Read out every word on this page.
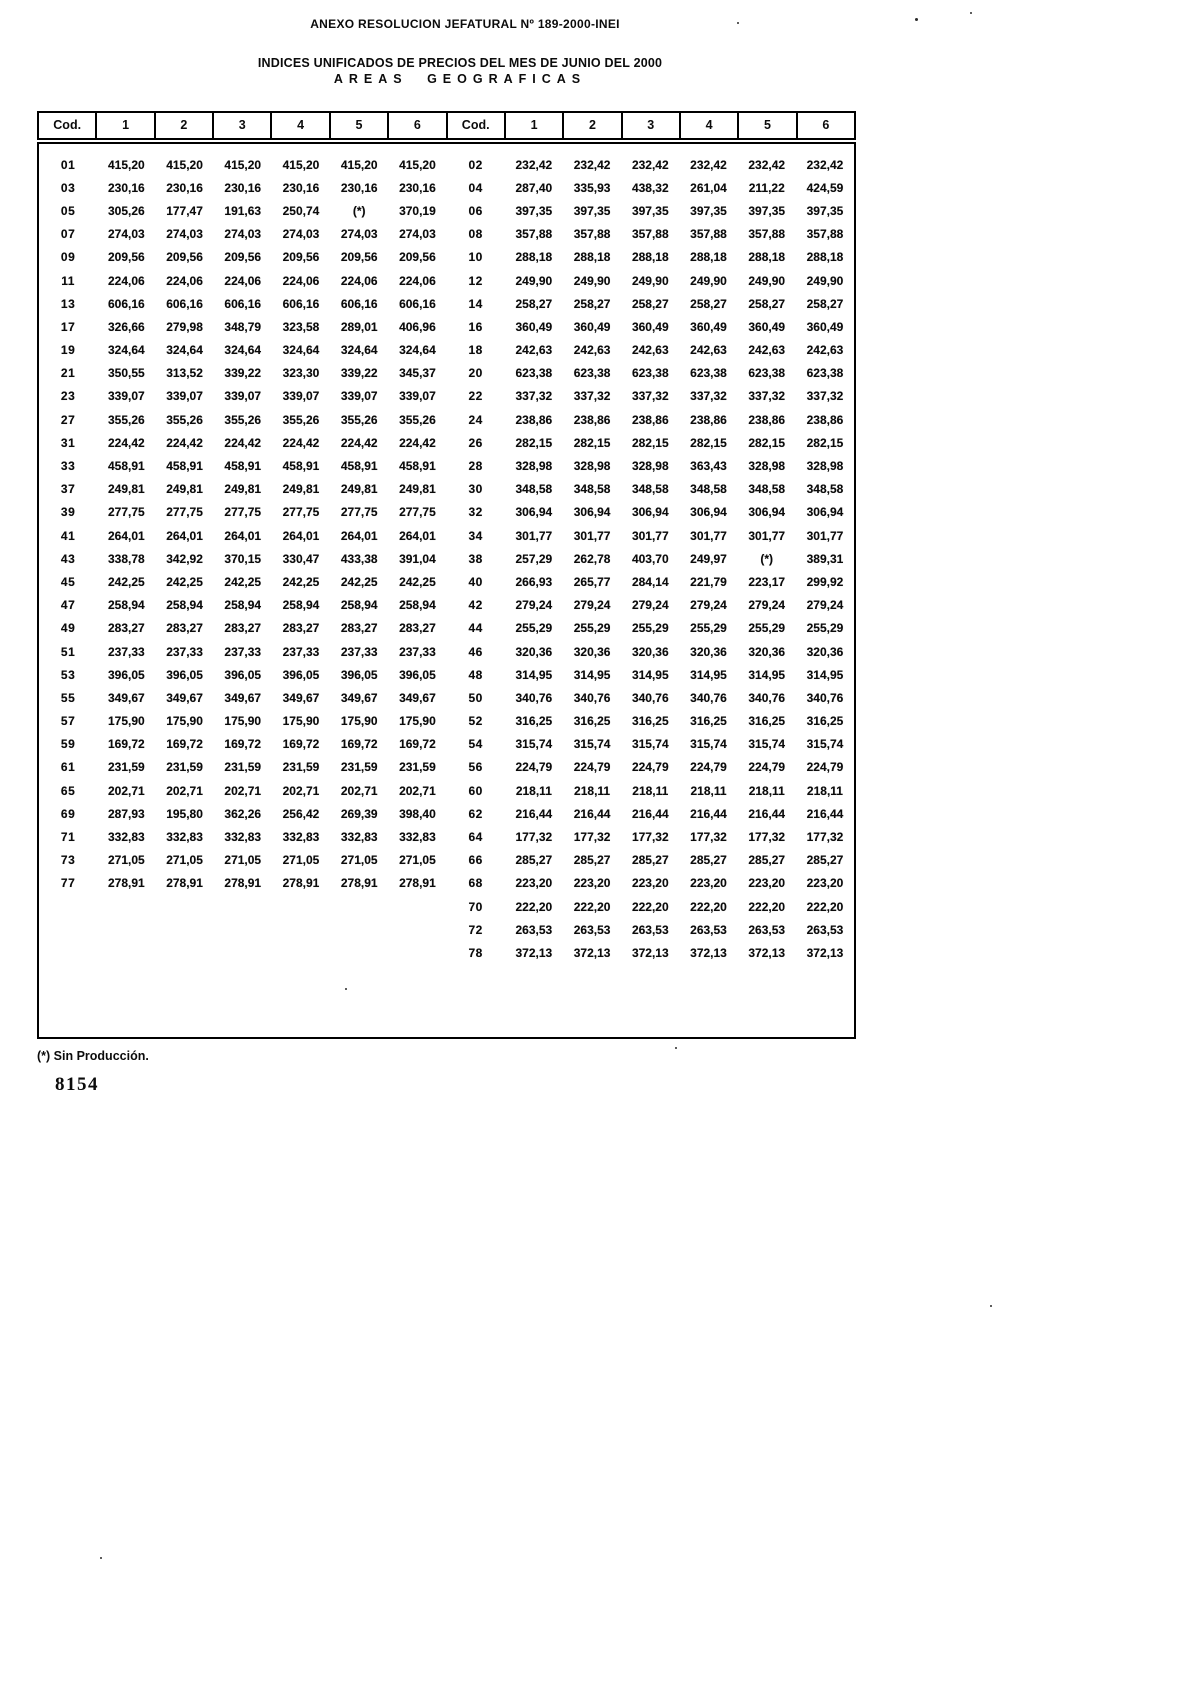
ANEXO RESOLUCION JEFATURAL Nº 189-2000-INEI
INDICES UNIFICADOS DE PRECIOS DEL MES DE JUNIO DEL 2000
AREAS GEOGRAFICAS
Cod.	1	2	3	4	5	6	Cod.	1	2	3	4	5	6
01	415,20	415,20	415,20	415,20	415,20	415,20	02	232,42	232,42	232,42	232,42	232,42	232,42
03	230,16	230,16	230,16	230,16	230,16	230,16	04	287,40	335,93	438,32	261,04	211,22	424,59
05	305,26	177,47	191,63	250,74	(*)	370,19	06	397,35	397,35	397,35	397,35	397,35	397,35
07	274,03	274,03	274,03	274,03	274,03	274,03	08	357,88	357,88	357,88	357,88	357,88	357,88
09	209,56	209,56	209,56	209,56	209,56	209,56	10	288,18	288,18	288,18	288,18	288,18	288,18
11	224,06	224,06	224,06	224,06	224,06	224,06	12	249,90	249,90	249,90	249,90	249,90	249,90
13	606,16	606,16	606,16	606,16	606,16	606,16	14	258,27	258,27	258,27	258,27	258,27	258,27
17	326,66	279,98	348,79	323,58	289,01	406,96	16	360,49	360,49	360,49	360,49	360,49	360,49
19	324,64	324,64	324,64	324,64	324,64	324,64	18	242,63	242,63	242,63	242,63	242,63	242,63
21	350,55	313,52	339,22	323,30	339,22	345,37	20	623,38	623,38	623,38	623,38	623,38	623,38
23	339,07	339,07	339,07	339,07	339,07	339,07	22	337,32	337,32	337,32	337,32	337,32	337,32
27	355,26	355,26	355,26	355,26	355,26	355,26	24	238,86	238,86	238,86	238,86	238,86	238,86
31	224,42	224,42	224,42	224,42	224,42	224,42	26	282,15	282,15	282,15	282,15	282,15	282,15
33	458,91	458,91	458,91	458,91	458,91	458,91	28	328,98	328,98	328,98	363,43	328,98	328,98
37	249,81	249,81	249,81	249,81	249,81	249,81	30	348,58	348,58	348,58	348,58	348,58	348,58
39	277,75	277,75	277,75	277,75	277,75	277,75	32	306,94	306,94	306,94	306,94	306,94	306,94
41	264,01	264,01	264,01	264,01	264,01	264,01	34	301,77	301,77	301,77	301,77	301,77	301,77
43	338,78	342,92	370,15	330,47	433,38	391,04	38	257,29	262,78	403,70	249,97	(*)	389,31
45	242,25	242,25	242,25	242,25	242,25	242,25	40	266,93	265,77	284,14	221,79	223,17	299,92
47	258,94	258,94	258,94	258,94	258,94	258,94	42	279,24	279,24	279,24	279,24	279,24	279,24
49	283,27	283,27	283,27	283,27	283,27	283,27	44	255,29	255,29	255,29	255,29	255,29	255,29
51	237,33	237,33	237,33	237,33	237,33	237,33	46	320,36	320,36	320,36	320,36	320,36	320,36
53	396,05	396,05	396,05	396,05	396,05	396,05	48	314,95	314,95	314,95	314,95	314,95	314,95
55	349,67	349,67	349,67	349,67	349,67	349,67	50	340,76	340,76	340,76	340,76	340,76	340,76
57	175,90	175,90	175,90	175,90	175,90	175,90	52	316,25	316,25	316,25	316,25	316,25	316,25
59	169,72	169,72	169,72	169,72	169,72	169,72	54	315,74	315,74	315,74	315,74	315,74	315,74
61	231,59	231,59	231,59	231,59	231,59	231,59	56	224,79	224,79	224,79	224,79	224,79	224,79
65	202,71	202,71	202,71	202,71	202,71	202,71	60	218,11	218,11	218,11	218,11	218,11	218,11
69	287,93	195,80	362,26	256,42	269,39	398,40	62	216,44	216,44	216,44	216,44	216,44	216,44
71	332,83	332,83	332,83	332,83	332,83	332,83	64	177,32	177,32	177,32	177,32	177,32	177,32
73	271,05	271,05	271,05	271,05	271,05	271,05	66	285,27	285,27	285,27	285,27	285,27	285,27
77	278,91	278,91	278,91	278,91	278,91	278,91	68	223,20	223,20	223,20	223,20	223,20	223,20
70	222,20	222,20	222,20	222,20	222,20	222,20
72	263,53	263,53	263,53	263,53	263,53	263,53
78	372,13	372,13	372,13	372,13	372,13	372,13
(*) Sin Producción.
8154
